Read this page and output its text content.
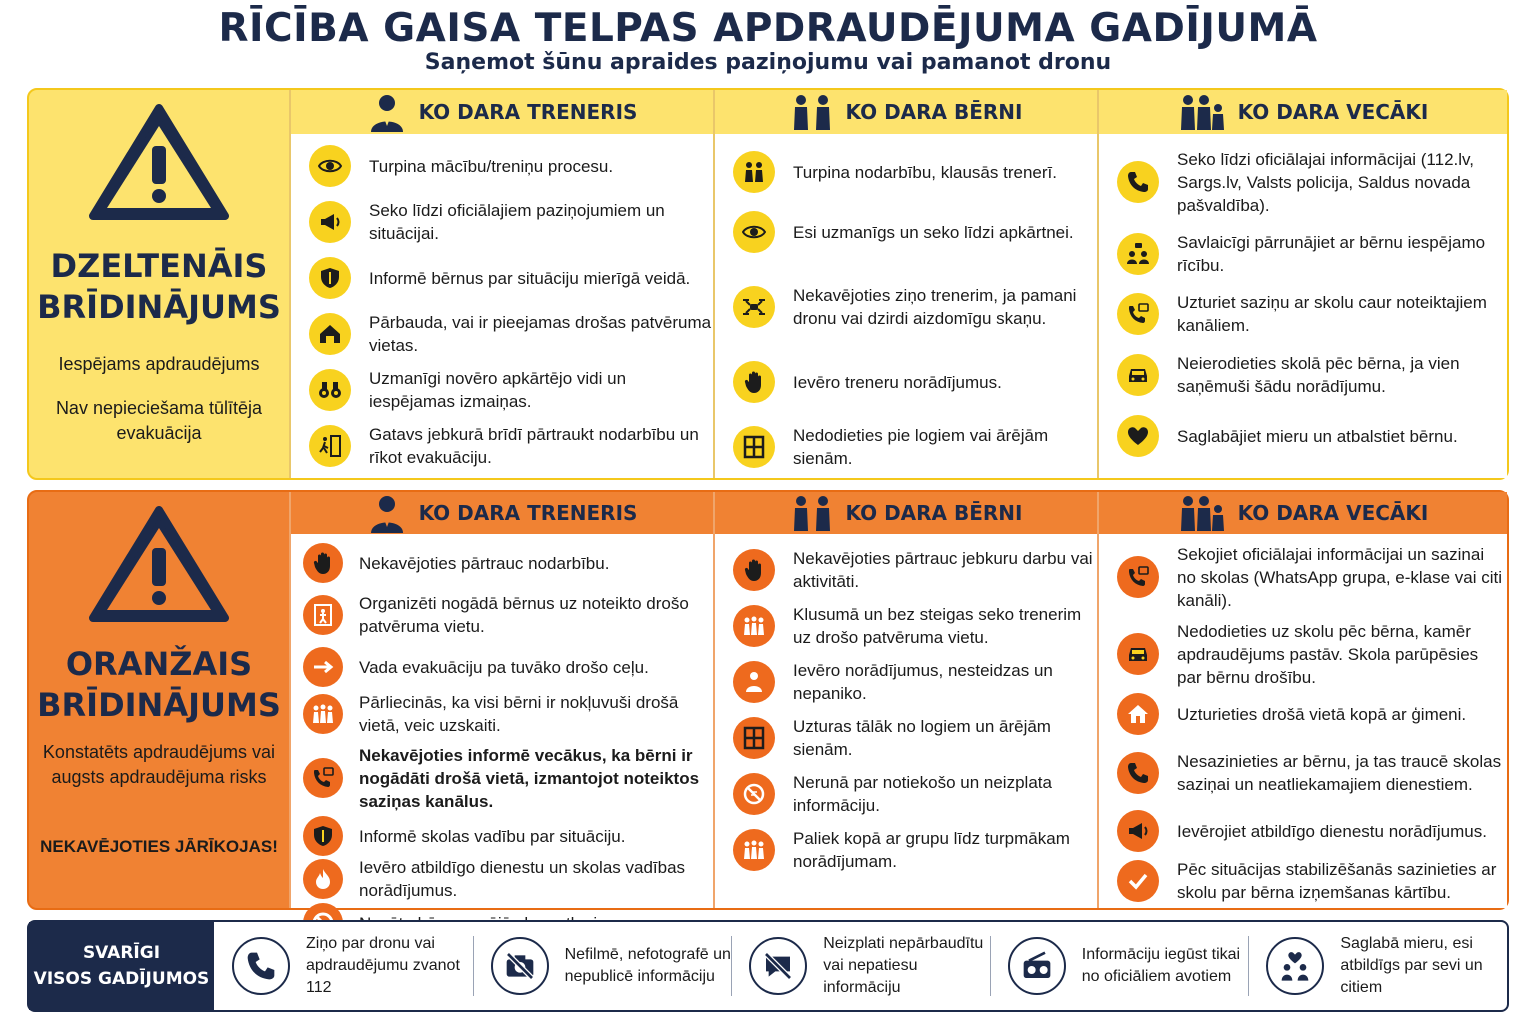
RĪCĪBA GAISA TELPAS APDRAUDĒJUMA GADĪJUMĀ
Saņemot šūnu apraides paziņojumu vai pamanot dronu
DZELTENĀIS
BRĪDINĀJUMS
Iespējams apdraudējums
Nav nepieciešama tūlītēja evakuācija
KO DARA TRENERIS
Turpina mācību/treniņu procesu.
Seko līdzi oficiālajiem paziņojumiem un situācijai.
Informē bērnus par situāciju mierīgā veidā.
Pārbauda, vai ir pieejamas drošas patvēruma vietas.
Uzmanīgi novēro apkārtējo vidi un iespējamas izmaiņas.
Gatavs jebkurā brīdī pārtraukt nodarbību un rīkot evakuāciju.
KO DARA BĒRNI
Turpina nodarbību, klausās trenerī.
Esi uzmanīgs un seko līdzi apkārtnei.
Nekavējoties ziņo trenerim, ja pamani dronu vai dzirdi aizdomīgu skaņu.
Ievēro treneru norādījumus.
Nedodieties pie logiem vai ārējām sienām.
KO DARA VECĀKI
Seko līdzi oficiālajai informācijai (112.lv, Sargs.lv, Valsts policija, Saldus novada pašvaldība).
Savlaicīgi pārrunājiet ar bērnu iespējamo rīcību.
Uzturiet saziņu ar skolu caur noteiktajiem kanāliem.
Neierodieties skolā pēc bērna, ja vien saņēmuši šādu norādījumu.
Saglabājiet mieru un atbalstiet bērnu.
ORANŽAIS
BRĪDINĀJUMS
Konstatēts apdraudējums vai augsts apdraudējuma risks
NEKAVĒJOTIES JĀRĪKOJAS!
KO DARA TRENERIS
Nekavējoties pārtrauc nodarbību.
Organizēti nogādā bērnus uz noteikto drošo patvēruma vietu.
Vada evakuāciju pa tuvāko drošo ceļu.
Pārliecinās, ka visi bērni ir nokļuvuši drošā vietā, veic uzskaiti.
Nekavējoties informē vecākus, ka bērni ir nogādāti drošā vietā, izmantojot noteiktos saziņas kanālus.
Informē skolas vadību par situāciju.
Ievēro atbildīgo dienestu un skolas vadības norādījumus.
KO DARA BĒRNI
Nekavējoties pārtrauc jebkuru darbu vai aktivitāti.
Klusumā un bez steigas seko trenerim uz drošo patvēruma vietu.
Ievēro norādījumus, nesteidzas un nepanikо.
Uzturas tālāk no logiem un ārējām sienām.
Nerunā par notiekošo un neizplata informāciju.
Paliek kopā ar grupu līdz turpmākam norādījumam.
KO DARA VECĀKI
Sekojiet oficiālajai informācijai un sazinai no skolas (WhatsApp grupa, e-klase vai citi kanāli).
Nedodieties uz skolu pēc bērna, kamēr apdraudējums pastāv. Skola parūpēsies par bērnu drošību.
Uzturieties drošā vietā kopā ar ģimeni.
Nesazinieties ar bērnu, ja tas traucē skolas saziņai un neatliekamajiem dienestiem.
Ievērojiet atbildīgo dienestu norādījumus.
Pēc situācijas stabilizēšanās sazinieties ar skolu par bērna izņemšanas kārtību.
SVARĪGI
VISOS GADĪJUMOS
Ziņo par dronu vai apdraudējumu zvanot 112
Nefilmē, nefotografē un nepublicē informāciju
Neizplati nepārbaudītu vai nepatiesu informāciju
Informāciju iegūst tikai no oficiāliem avotiem
Saglabā mieru, esi atbildīgs par sevi un citiem
